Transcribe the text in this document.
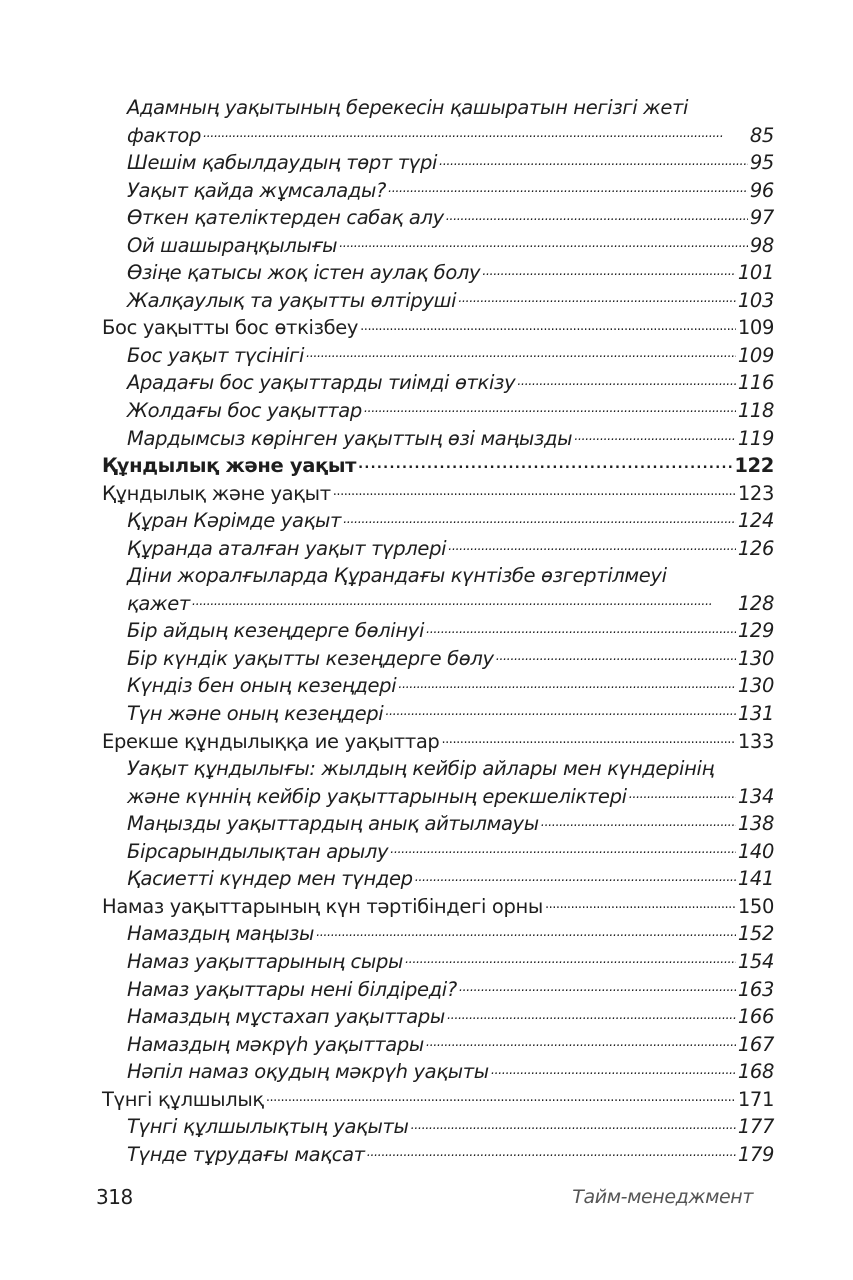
Адамның уақытының берекесін қашыратын негізгі жеті
фактор . . .	85
Шешім қабылдаудың төрт түрі . . .	95
Уақыт қайда жұмсалады? . . .	96
Өткен қателіктерден сабақ алу . . .	97
Ой шашыраңқылығы . . .	98
Өзіңе қатысы жоқ істен аулақ болу . . .	101
Жалқаулық та уақытты өлтіруші . . .	103
Бос уақытты бос өткізбеу . . .	109
Бос уақыт түсінігі . . .	109
Арадағы бос уақыттарды тиімді өткізу . . .	116
Жолдағы бос уақыттар . . .	118
Мардымсыз көрінген уақыттың өзі маңызды . . .	119
Құндылық және уақыт . . .	122
Құндылық және уақыт . . .	123
Құран Кәрімде уақыт . . .	124
Құранда аталған уақыт түрлері . . .	126
Діни жоралғыларда Құрандағы күнтізбе өзгертілмеуі
қажет . . .	128
Бір айдың кезеңдерге бөлінуі . . .	129
Бір күндік уақытты кезеңдерге бөлу . . .	130
Күндіз бен оның кезеңдері . . .	130
Түн және оның кезеңдері . . .	131
Ерекше құндылыққа ие уақыттар . . .	133
Уақыт құндылығы: жылдың кейбір айлары мен күндерінің
және күннің кейбір уақыттарының ерекшеліктері . . .	134
Маңызды уақыттардың анық айтылмауы . . .	138
Бірсарындылықтан арылу . . .	140
Қасиетті күндер мен түндер . . .	141
Намаз уақыттарының күн тәртібіндегі орны . . .	150
Намаздың маңызы . . .	152
Намаз уақыттарының сыры . . .	154
Намаз уақыттары нені білдіреді? . . .	163
Намаздың мұстахап уақыттары . . .	166
Намаздың мәкрүһ уақыттары . . .	167
Нәпіл намаз оқудың мәкрүһ уақыты . . .	168
Түнгі құлшылық . . .	171
Түнгі құлшылықтың уақыты . . .	177
Түнде тұрудағы мақсат . . .	179
318	Тайм-менеджмент
